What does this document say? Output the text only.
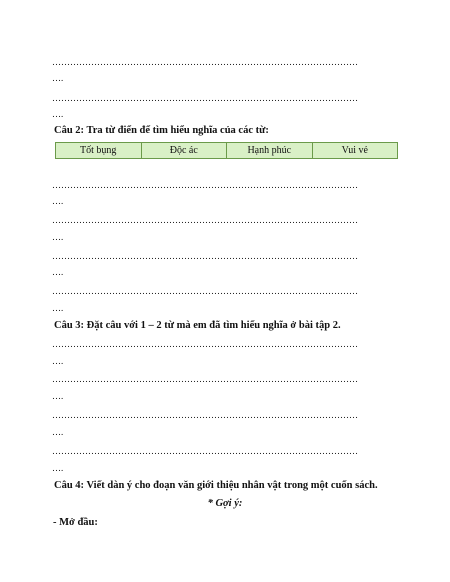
…………………………………………………………………………………………
….
…………………………………………………………………………………………
….
Câu 2: Tra từ điển để tìm hiểu nghĩa của các từ:
Tốt bụng	Độc ác	Hạnh phúc	Vui vẻ
…………………………………………………………………………………………
….
…………………………………………………………………………………………
….
…………………………………………………………………………………………
….
…………………………………………………………………………………………
….
Câu 3: Đặt câu với 1 – 2 từ mà em đã tìm hiểu nghĩa ở bài tập 2.
…………………………………………………………………………………………
….
…………………………………………………………………………………………
….
…………………………………………………………………………………………
….
…………………………………………………………………………………………
….
Câu 4: Viết dàn ý cho đoạn văn giới thiệu nhân vật trong một cuốn sách.
* Gợi ý:
- Mở đầu:
